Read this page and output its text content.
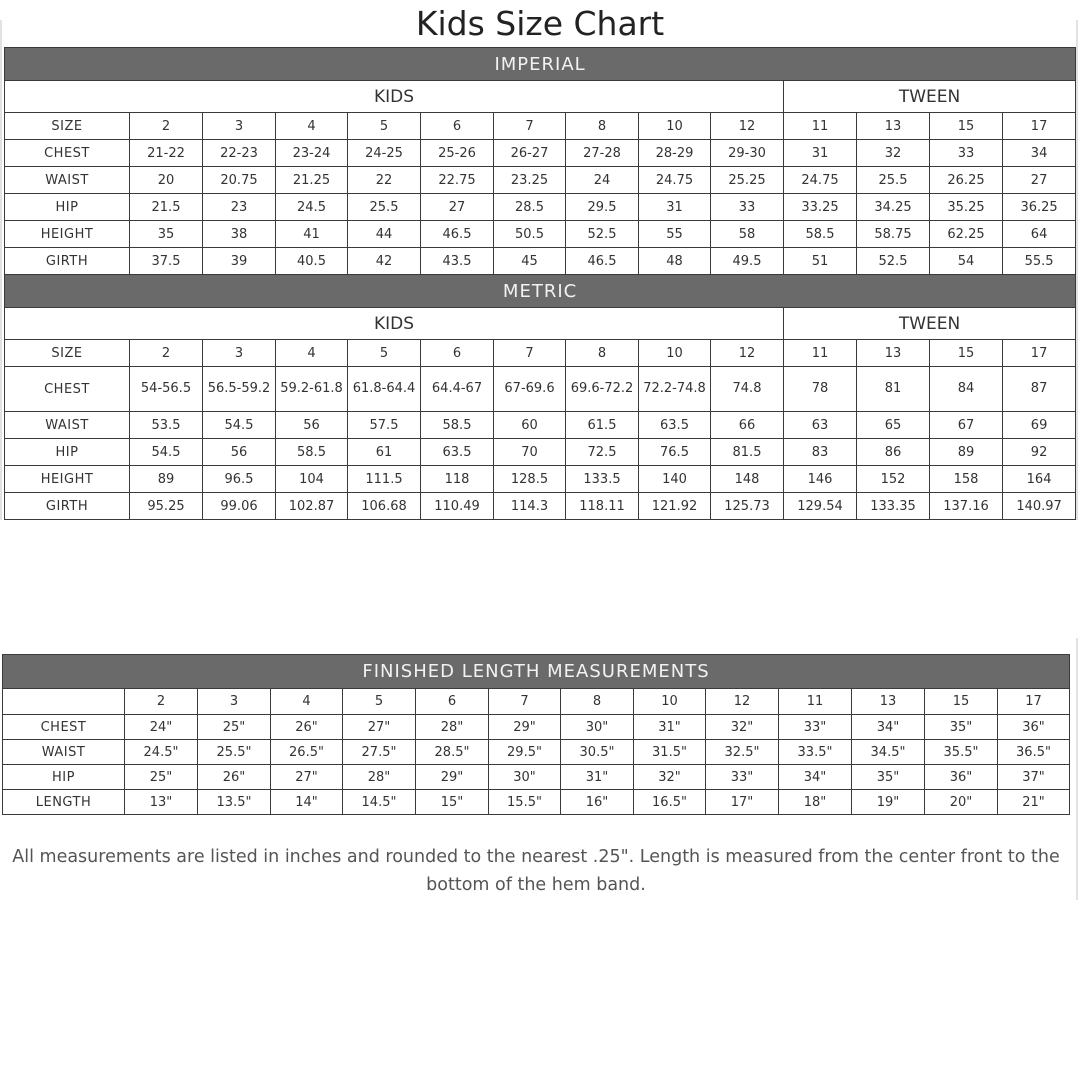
Kids Size Chart
IMPERIAL													
KIDS										TWEEN			
SIZE	2	3	4	5	6	7	8	10	12	11	13	15	17
CHEST	21-22	22-23	23-24	24-25	25-26	26-27	27-28	28-29	29-30	31	32	33	34
WAIST	20	20.75	21.25	22	22.75	23.25	24	24.75	25.25	24.75	25.5	26.25	27
HIP	21.5	23	24.5	25.5	27	28.5	29.5	31	33	33.25	34.25	35.25	36.25
HEIGHT	35	38	41	44	46.5	50.5	52.5	55	58	58.5	58.75	62.25	64
GIRTH	37.5	39	40.5	42	43.5	45	46.5	48	49.5	51	52.5	54	55.5
METRIC													
KIDS										TWEEN			
SIZE	2	3	4	5	6	7	8	10	12	11	13	15	17
CHEST	54-56.5	56.5-59.2	59.2-61.8	61.8-64.4	64.4-67	67-69.6	69.6-72.2	72.2-74.8	74.8	78	81	84	87
WAIST	53.5	54.5	56	57.5	58.5	60	61.5	63.5	66	63	65	67	69
HIP	54.5	56	58.5	61	63.5	70	72.5	76.5	81.5	83	86	89	92
HEIGHT	89	96.5	104	111.5	118	128.5	133.5	140	148	146	152	158	164
GIRTH	95.25	99.06	102.87	106.68	110.49	114.3	118.11	121.92	125.73	129.54	133.35	137.16	140.97
FINISHED LENGTH MEASUREMENTS													
	2	3	4	5	6	7	8	10	12	11	13	15	17
CHEST	24"	25"	26"	27"	28"	29"	30"	31"	32"	33"	34"	35"	36"
WAIST	24.5"	25.5"	26.5"	27.5"	28.5"	29.5"	30.5"	31.5"	32.5"	33.5"	34.5"	35.5"	36.5"
HIP	25"	26"	27"	28"	29"	30"	31"	32"	33"	34"	35"	36"	37"
LENGTH	13"	13.5"	14"	14.5"	15"	15.5"	16"	16.5"	17"	18"	19"	20"	21"
All measurements are listed in inches and rounded to the nearest .25". Length is measured from the center front to the bottom of the hem band.
